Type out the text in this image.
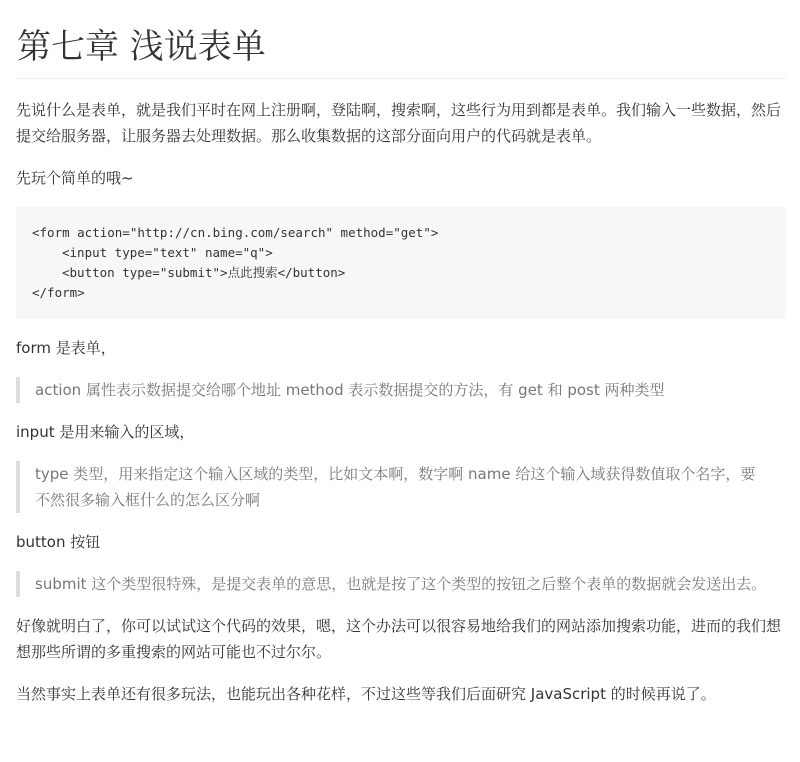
第七章 浅说表单

先说什么是表单，就是我们平时在网上注册啊，登陆啊，搜索啊，这些行为用到都是表单。我们输入一些数据，然后提交给服务器，让服务器去处理数据。那么收集数据的这部分面向用户的代码就是表单。

先玩个简单的哦~

<form action="http://cn.bing.com/search" method="get">
<input type="text" name="q">
<button type="submit">点此搜索</button>
</form>

form 是表单，

action 属性表示数据提交给哪个地址 method 表示数据提交的方法，有 get 和 post 两种类型

input 是用来输入的区域，

type 类型，用来指定这个输入区域的类型，比如文本啊，数字啊 name 给这个输入域获得数值取个名字，要不然很多输入框什么的怎么区分啊

button 按钮

submit 这个类型很特殊，是提交表单的意思，也就是按了这个类型的按钮之后整个表单的数据就会发送出去。

好像就明白了，你可以试试这个代码的效果，嗯，这个办法可以很容易地给我们的网站添加搜索功能，进而的我们想想那些所谓的多重搜索的网站可能也不过尔尔。

当然事实上表单还有很多玩法，也能玩出各种花样，不过这些等我们后面研究 JavaScript 的时候再说了。
